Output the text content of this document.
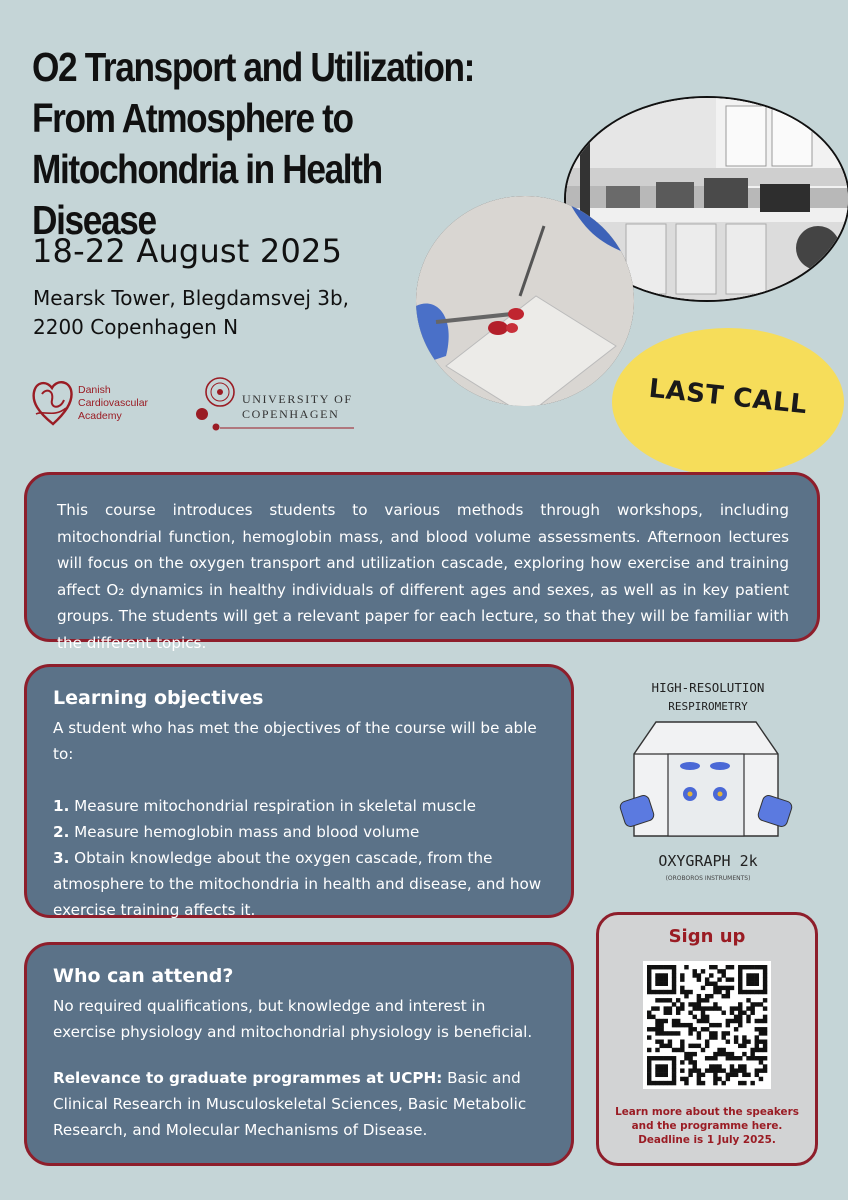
O2 Transport and Utilization:
From Atmosphere to
Mitochondria in Health Disease

18-22 August 2025

Mearsk Tower, Blegdamsvej 3b,
2200 Copenhagen N

Danish
Cardiovascular
Academy
UNIVERSITY OF
COPENHAGEN	LAST CALL

This course introduces students to various methods through workshops, including mitochondrial function, hemoglobin mass, and blood volume assessments. Afternoon lectures will focus on the oxygen transport and utilization cascade, exploring how exercise and training affect O₂ dynamics in healthy individuals of different ages and sexes, as well as in key patient groups. The students will get a relevant paper for each lecture, so that they will be familiar with the different topics.

Learning objectives

A student who has met the objectives of the course will be able to:

1. Measure mitochondrial respiration in skeletal muscle
2. Measure hemoglobin mass and blood volume
3. Obtain knowledge about the oxygen cascade, from the atmosphere to the mitochondria in health and disease, and how exercise training affects it.
Who can attend?

No required qualifications, but knowledge and interest in exercise physiology and mitochondrial physiology is beneficial.

Relevance to graduate programmes at UCPH: Basic and Clinical Research in Musculoskeletal Sciences, Basic Metabolic Research, and Molecular Mechanisms of Disease.

HIGH-RESOLUTION
RESPIROMETRY
OXYGRAPH 2k
(OROBOROS INSTRUMENTS)
Sign up
Learn more about the speakers
and the programme here.
Deadline is 1 July 2025.
